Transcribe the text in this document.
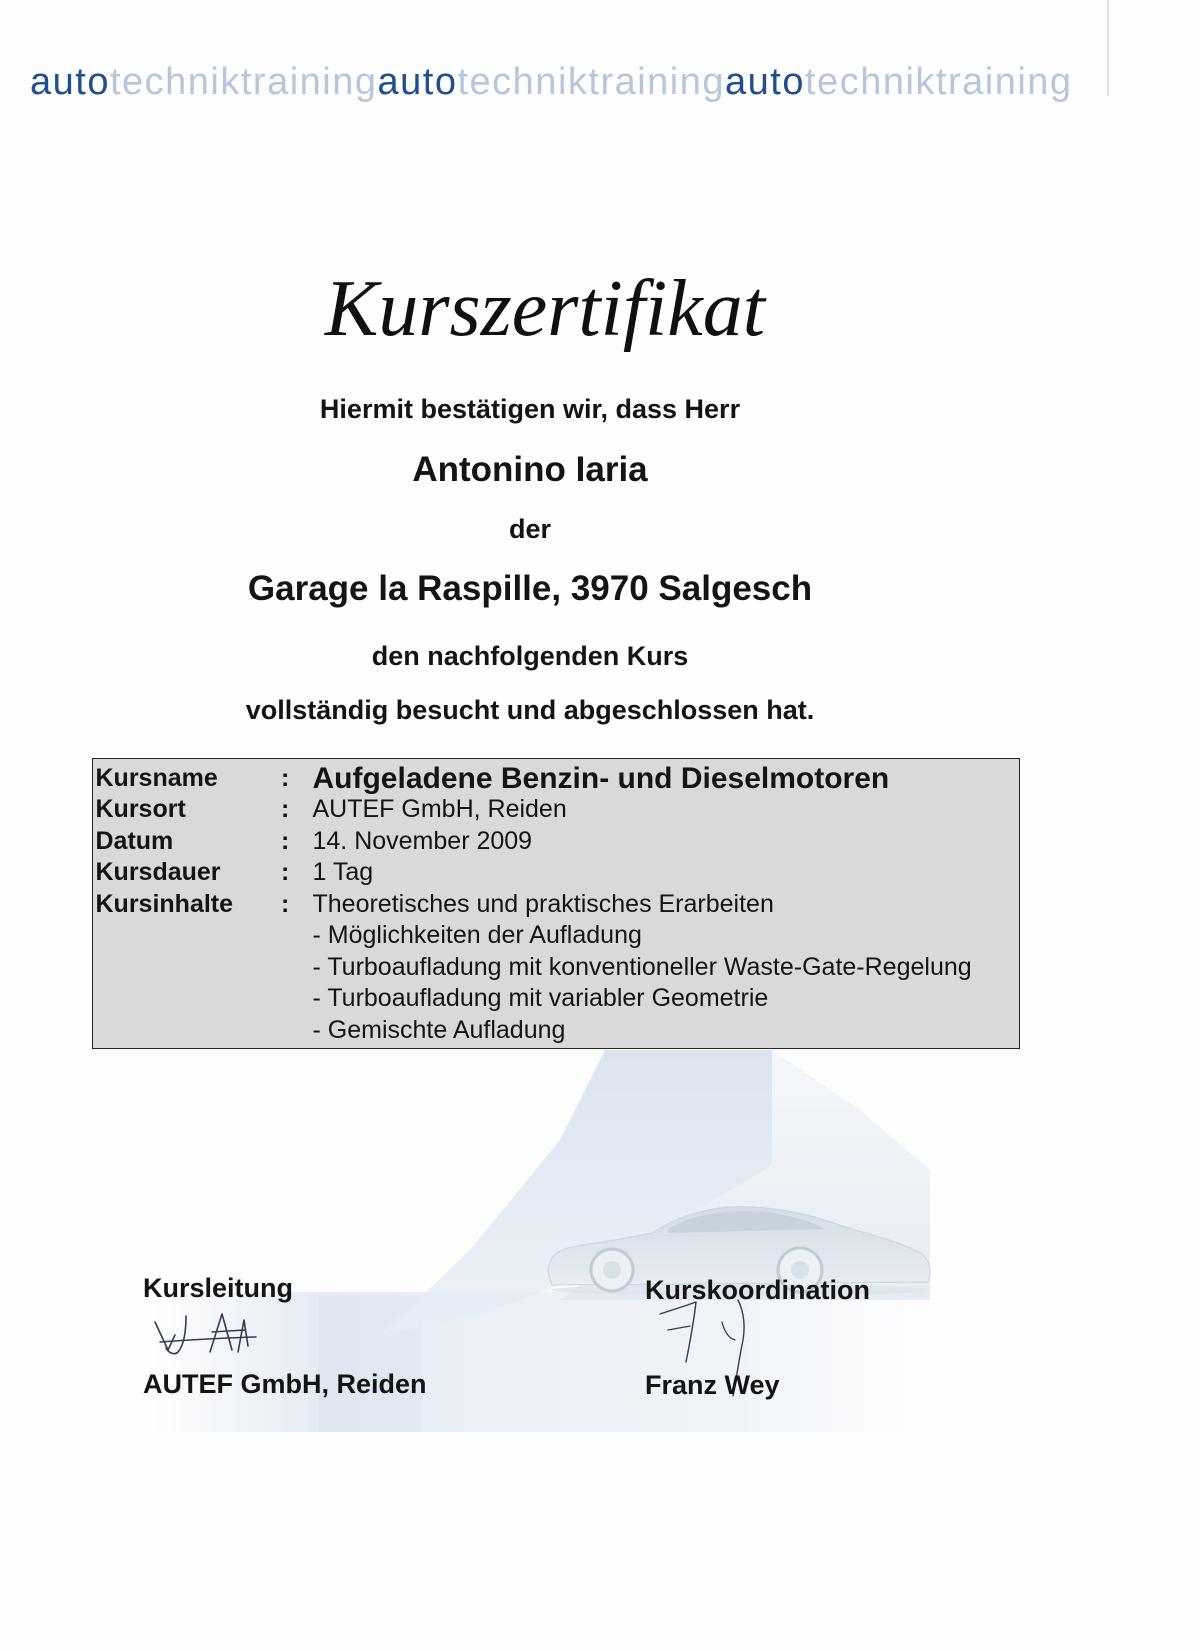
autotechniktrainingautotechniktrainingautotechniktraining
Kurszertifikat
Hiermit bestätigen wir, dass Herr
Antonino Iaria
der
Garage la Raspille, 3970 Salgesch
den nachfolgenden Kurs
vollständig besucht und abgeschlossen hat.
Kursname	: Aufgeladene Benzin- und Dieselmotoren
Kursort	: AUTEF GmbH, Reiden
Datum	: 14. November 2009
Kursdauer : 1 Tag
Kursinhalte : Theoretisches und praktisches Erarbeiten
- Möglichkeiten der Aufladung
- Turboaufladung mit konventioneller Waste-Gate-Regelung
- Turboaufladung mit variabler Geometrie
- Gemischte Aufladung
Kursleitung
AUTEF GmbH, Reiden
Kurskoordination
Franz Wey
